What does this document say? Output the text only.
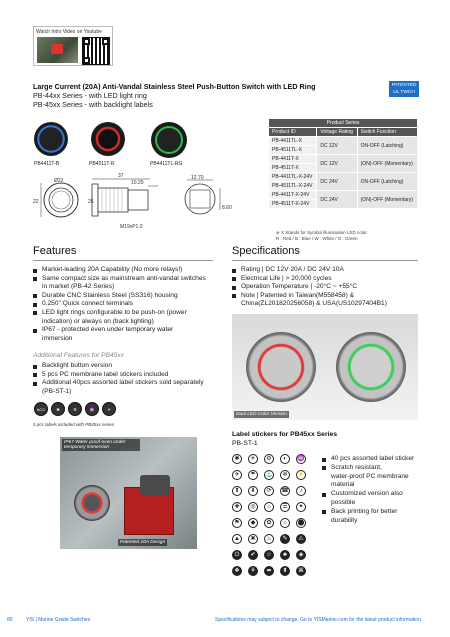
Watch Intro Video on Youtube
Large Current (20A) Anti-Vandal Stainless Steel Push-Button Switch with LED Ring
PB-44xx Series - with LED light ring
PB-45xx Series - with backlight labels
PATENTED
UL TWCH
PB4411T-B	PB4511T-R	PB4411TL-RG
Ø22
37
10.20
12.70
M19xP1.0
22
8.60
25
Product Series		
Product ID	Voltage Rating	Switch Function
PB-4411TL-X	DC 12V	ON-OFF (Latching)
PB-4511TL-X		
PB-4411T-X	DC 12V	(ON)-OFF (Momentary)
PB-4511T-X		
PB-4411TL-X-24V	DC 24V	ON-OFF (Latching)
PB-4511TL-X-24V		
PB-4411T-X-24V	DC 24V	(ON)-OFF (Momentary)
PB-4511T-X-24V		
※ X Stands for Symbol illumination LED color.
R : Red / B : Blue / W : White / G : Green
Features
Market-leading 20A Capability (No more relays!)
Same compact size as mainstream anti-vandal switches
in market (PB-42 Series)
Durable CNC Stainless Steel (SS316) housing
0.250" Quick connect terminals
LED light rings configurable to be push-on (power
indication) or always on (back lighting)
IP67 - protected even under temporary water
immersion
Additional Features for PB45xx
Backlight button version
5 pcs PC membrane label stickers included
Additional 40pcs assorted label stickers sold separately
(PB-ST-1)
ACC	✱	⚙	♒	☀
5 pcs labels included with PB45xx series
Specifications
Rating | DC 12V 20A / DC 24V 10A
Electrical Life | > 20,000 cycles
Operation Temperature | -20°C ~ +55°C
Note | Patented in Taiwan(M558458) &
China(ZL201820256058) & USA(US10297404B1)
Dual LED Color Version
IP67 Water proof even under temporary immersion
Patented 20A Design
Label stickers for PB45xx Series
PB-ST-1
✱	☀	⚙	◐	♒
✈	☂	⚓	❄	⚡
⬆	⬇	⟳	☎	♪
✚	◎	⌂	☰	✦
⚑	◆	✿	☼	⬤
▲	✖	♨	✎	⚠
⏻	✔	☆	♣	◈
❖	⚘	⬌	⬍	⌘
40 pcs assorted label sticker
Scratch resistant,
water-proof PC membrane
material
Customized version also
possible
Back printing for better
durability
80	YIS | Marine Grade Switches	Specifications may subject to change. Go to YISMarine.com for the latest product information.
